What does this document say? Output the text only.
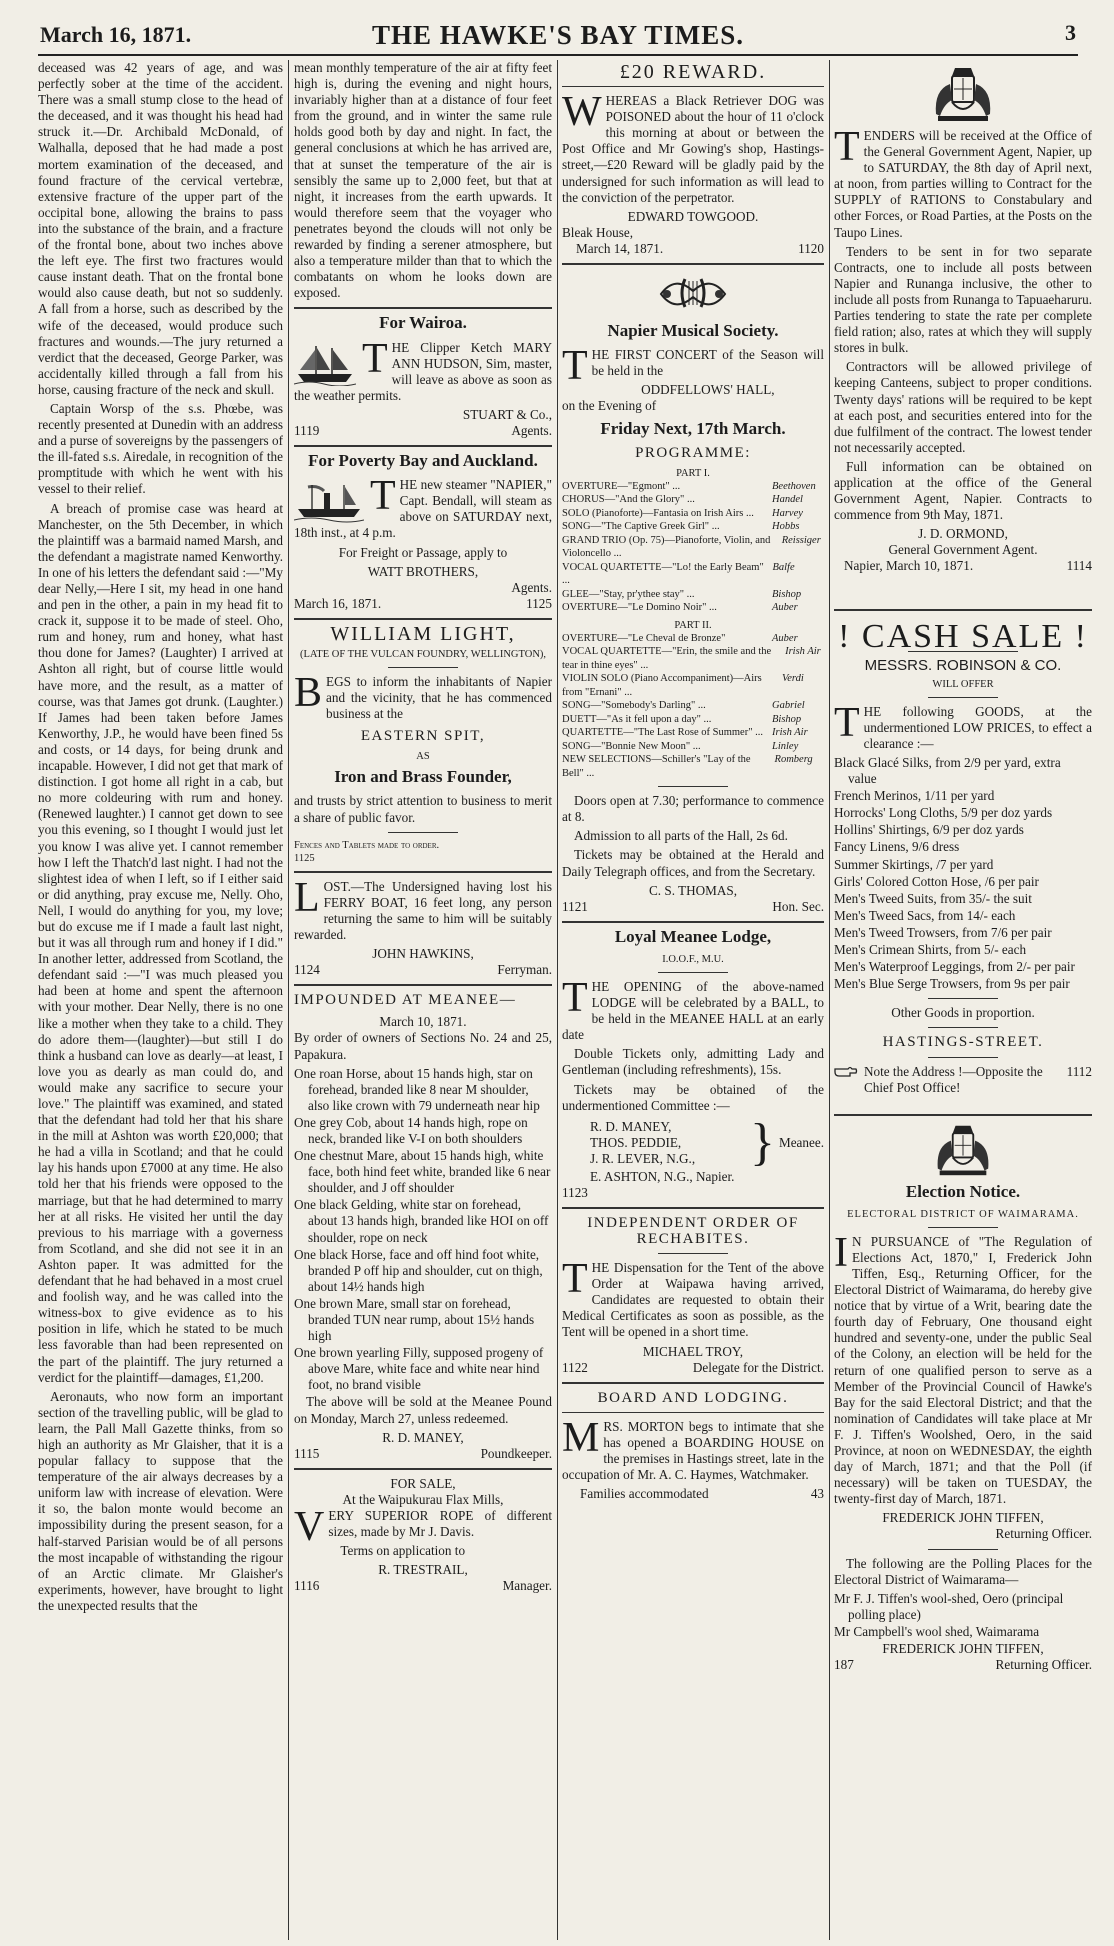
March 16, 1871.	THE HAWKE'S BAY TIMES.	3

deceased was 42 years of age, and was perfectly sober at the time of the accident. There was a small stump close to the head of the deceased, and it was thought his head had struck it.—Dr. Archibald McDonald, of Walhalla, deposed that he had made a post mortem examination of the deceased, and found fracture of the cervical vertebræ, extensive fracture of the upper part of the occipital bone, allowing the brains to pass into the substance of the brain, and a fracture of the frontal bone, about two inches above the left eye. The first two fractures would cause instant death. That on the frontal bone would also cause death, but not so suddenly. A fall from a horse, such as described by the wife of the deceased, would produce such fractures and wounds.—The jury returned a verdict that the deceased, George Parker, was accidentally killed through a fall from his horse, causing fracture of the neck and skull.

Captain Worsp of the s.s. Phœbe, was recently presented at Dunedin with an address and a purse of sovereigns by the passengers of the ill-fated s.s. Airedale, in recognition of the promptitude with which he went with his vessel to their relief.

A breach of promise case was heard at Manchester, on the 5th December, in which the plaintiff was a barmaid named Marsh, and the defendant a magistrate named Kenworthy. In one of his letters the defendant said :—"My dear Nelly,—Here I sit, my head in one hand and pen in the other, a pain in my head fit to crack it, suppose it to be made of steel. Oho, rum and honey, rum and honey, what hast thou done for James? (Laughter) I arrived at Ashton all right, but of course little would have more, and the result, as a matter of course, was that James got drunk. (Laughter.) If James had been taken before James Kenworthy, J.P., he would have been fined 5s and costs, or 14 days, for being drunk and incapable. However, I did not get that mark of distinction. I got home all right in a cab, but no more coldeuring with rum and honey. (Renewed laughter.) I cannot get down to see you this evening, so I thought I would just let you know I was alive yet. I cannot remember how I left the Thatch'd last night. I had not the slightest idea of when I left, so if I either said or did anything, pray excuse me, Nelly. Oho, Nell, I would do anything for you, my love; but do excuse me if I made a fault last night, but it was all through rum and honey if I did." In another letter, addressed from Scotland, the defendant said :—"I was much pleased you had been at home and spent the afternoon with your mother. Dear Nelly, there is no one like a mother when they take to a child. They do adore them—(laughter)—but still I do think a husband can love as dearly—at least, I love you as dearly as man could do, and would make any sacrifice to secure your love." The plaintiff was examined, and stated that the defendant had told her that his share in the mill at Ashton was worth £20,000; that he had a villa in Scotland; and that he could lay his hands upon £7000 at any time. He also told her that his friends were opposed to the marriage, but that he had determined to marry her at all risks. He visited her until the day previous to his marriage with a governess from Scotland, and she did not see it in an Ashton paper. It was admitted for the defendant that he had behaved in a most cruel and foolish way, and he was called into the witness-box to give evidence as to his position in life, which he stated to be much less favorable than had been represented on the part of the plaintiff. The jury returned a verdict for the plaintiff—damages, £1,200.

Aeronauts, who now form an important section of the travelling public, will be glad to learn, the Pall Mall Gazette thinks, from so high an authority as Mr Glaisher, that it is a popular fallacy to suppose that the temperature of the air always decreases by a uniform law with increase of elevation. Were it so, the balon monte would become an impossibility during the present season, for a half-starved Parisian would be of all persons the most incapable of withstanding the rigour of an Arctic climate. Mr Glaisher's experiments, however, have brought to light the unexpected results that the

mean monthly temperature of the air at fifty feet high is, during the evening and night hours, invariably higher than at a distance of four feet from the ground, and in winter the same rule holds good both by day and night. In fact, the general conclusions at which he has arrived are, that at sunset the temperature of the air is sensibly the same up to 2,000 feet, but that at night, it increases from the earth upwards. It would therefore seem that the voyager who penetrates beyond the clouds will not only be rewarded by finding a serener atmosphere, but also a temperature milder than that to which the combatants on whom he looks down are exposed.

For Wairoa.

THE Clipper Ketch MARY ANN HUDSON, Sim, master, will leave as above as soon as the weather permits.

STUART & Co.,
1119	Agents.
For Poverty Bay and Auckland.

THE new steamer "NAPIER," Capt. Bendall, will steam as above on SATURDAY next, 18th inst., at 4 p.m.

For Freight or Passage, apply to

WATT BROTHERS,
Agents.
March 16, 1871.	1125
WILLIAM LIGHT,
(LATE OF THE VULCAN FOUNDRY, WELLINGTON),

BEGS to inform the inhabitants of Napier and the vicinity, that he has commenced business at the

EASTERN SPIT,
AS
Iron and Brass Founder,

and trusts by strict attention to business to merit a share of public favor.

Fences and Tablets made to order.
1125

LOST.—The Undersigned having lost his FERRY BOAT, 16 feet long, any person returning the same to him will be suitably rewarded.

JOHN HAWKINS,
1124	Ferryman.
IMPOUNDED AT MEANEE—
March 10, 1871.

By order of owners of Sections No. 24 and 25, Papakura.

One roan Horse, about 15 hands high, star on forehead, branded like 8 near M shoulder, also like crown with 79 underneath near hip

One grey Cob, about 14 hands high, rope on neck, branded like V-I on both shoulders

One chestnut Mare, about 15 hands high, white face, both hind feet white, branded like 6 near shoulder, and J off shoulder

One black Gelding, white star on forehead, about 13 hands high, branded like HOI on off shoulder, rope on neck

One black Horse, face and off hind foot white, branded P off hip and shoulder, cut on thigh, about 14½ hands high

One brown Mare, small star on forehead, branded TUN near rump, about 15½ hands high

One brown yearling Filly, supposed progeny of above Mare, white face and white near hind foot, no brand visible

The above will be sold at the Meanee Pound on Monday, March 27, unless redeemed.

R. D. MANEY,
1115	Poundkeeper.
FOR SALE,
At the Waipukurau Flax Mills,

VERY SUPERIOR ROPE of different sizes, made by Mr J. Davis.

Terms on application to

R. TRESTRAIL,
1116	Manager.
£20 REWARD.

WHEREAS a Black Retriever DOG was POISONED about the hour of 11 o'clock this morning at about or between the Post Office and Mr Gowing's shop, Hastings-street,—£20 Reward will be gladly paid by the undersigned for such information as will lead to the conviction of the perpetrator.

EDWARD TOWGOOD.
Bleak House,
March 14, 1871.	1120
Napier Musical Society.

THE FIRST CONCERT of the Season will be held in the

ODDFELLOWS' HALL,
on the Evening of
Friday Next, 17th March.
PROGRAMME:
PART I.
OVERTURE—"Egmont" ...	Beethoven
CHORUS—"And the Glory" ...	Handel
SOLO (Pianoforte)—Fantasia on Irish Airs ... Harvey
SONG—"The Captive Greek Girl" ...	Hobbs
GRAND TRIO (Op. 75)—Pianoforte, Violin, and Violoncello ...
Reissiger
VOCAL QUARTETTE—"Lo! the Early Beam" ...
Balfe
GLEE—"Stay, pr'ythee stay" ...	Bishop
OVERTURE—"Le Domino Noir" ...	Auber
PART II.
OVERTURE—"Le Cheval de Bronze"	Auber
VOCAL QUARTETTE—"Erin, the smile and the tear in thine eyes" ...
Irish Air
VIOLIN SOLO (Piano Accompaniment)—Airs from "Ernani" ...
Verdi
SONG—"Somebody's Darling" ...	Gabriel
DUETT—"As it fell upon a day" ...	Bishop
QUARTETTE—"The Last Rose of Summer" ... Irish Air
SONG—"Bonnie New Moon" ...	Linley
NEW SELECTIONS—Schiller's "Lay of the Bell" ...
Romberg

Doors open at 7.30; performance to commence at 8.

Admission to all parts of the Hall, 2s 6d.

Tickets may be obtained at the Herald and Daily Telegraph offices, and from the Secretary.

C. S. THOMAS,
1121	Hon. Sec.
Loyal Meanee Lodge,
I.O.O.F., M.U.

THE OPENING of the above-named LODGE will be celebrated by a BALL, to be held in the MEANEE HALL at an early date

Double Tickets only, admitting Lady and Gentleman (including refreshments), 15s.

Tickets may be obtained of the undermentioned Committee :—

R. D. MANEY,
THOS. PEDDIE,
J. R. LEVER, N.G.,	} Meanee.
E. ASHTON, N.G., Napier.
1123
INDEPENDENT ORDER OF RECHABITES.

THE Dispensation for the Tent of the above Order at Waipawa having arrived, Candidates are requested to obtain their Medical Certificates as soon as possible, as the Tent will be opened in a short time.

MICHAEL TROY,
1122	Delegate for the District.
BOARD AND LODGING.

MRS. MORTON begs to intimate that she has opened a BOARDING HOUSE on the premises in Hastings street, late in the occupation of Mr. A. C. Haymes, Watchmaker.

Families accommodated	43

TENDERS will be received at the Office of the General Government Agent, Napier, up to SATURDAY, the 8th day of April next, at noon, from parties willing to Contract for the SUPPLY of RATIONS to Constabulary and other Forces, or Road Parties, at the Posts on the Taupo Lines.

Tenders to be sent in for two separate Contracts, one to include all posts between Napier and Runanga inclusive, the other to include all posts from Runanga to Tapuaeharuru. Parties tendering to state the rate per complete field ration; also, rates at which they will supply stores in bulk.

Contractors will be allowed privilege of keeping Canteens, subject to proper conditions. Twenty days' rations will be required to be kept at each post, and securities entered into for the due fulfilment of the contract. The lowest tender not necessarily accepted.

Full information can be obtained on application at the office of the General Government Agent, Napier. Contracts to commence from 9th May, 1871.

J. D. ORMOND,
General Government Agent.
Napier, March 10, 1871.	1114
! CASH SALE !
MESSRS. ROBINSON & CO.
WILL OFFER

THE following GOODS, at the undermentioned LOW PRICES, to effect a clearance :—

Black Glacé Silks, from 2/9 per yard, extra value

French Merinos, 1/11 per yard

Horrocks' Long Cloths, 5/9 per doz yards

Hollins' Shirtings, 6/9 per doz yards

Fancy Linens, 9/6 dress

Summer Skirtings, /7 per yard

Girls' Colored Cotton Hose, /6 per pair

Men's Tweed Suits, from 35/- the suit

Men's Tweed Sacs, from 14/- each

Men's Tweed Trowsers, from 7/6 per pair

Men's Crimean Shirts, from 5/- each

Men's Waterproof Leggings, from 2/- per pair

Men's Blue Serge Trowsers, from 9s per pair

Other Goods in proportion.
HASTINGS-STREET.
Note the Address !—Opposite the Chief Post Office!
1112
Election Notice.
ELECTORAL DISTRICT OF WAIMARAMA.

I N PURSUANCE of "The Regulation of Elections Act, 1870," I, Frederick John Tiffen, Esq., Returning Officer, for the Electoral District of Waimarama, do hereby give notice that by virtue of a Writ, bearing date the fourth day of February, One thousand eight hundred and seventy-one, under the public Seal of the Colony, an election will be held for the return of one qualified person to serve as a Member of the Provincial Council of Hawke's Bay for the said Electoral District; and that the nomination of Candidates will take place at Mr F. J. Tiffen's Woolshed, Oero, in the said Province, at noon on WEDNESDAY, the eighth day of March, 1871; and that the Poll (if necessary) will be taken on TUESDAY, the twenty-first day of March, 1871.

FREDERICK JOHN TIFFEN,
Returning Officer.

The following are the Polling Places for the Electoral District of Waimarama—

Mr F. J. Tiffen's wool-shed, Oero (principal polling place)

Mr Campbell's wool shed, Waimarama

FREDERICK JOHN TIFFEN,
187	Returning Officer.
